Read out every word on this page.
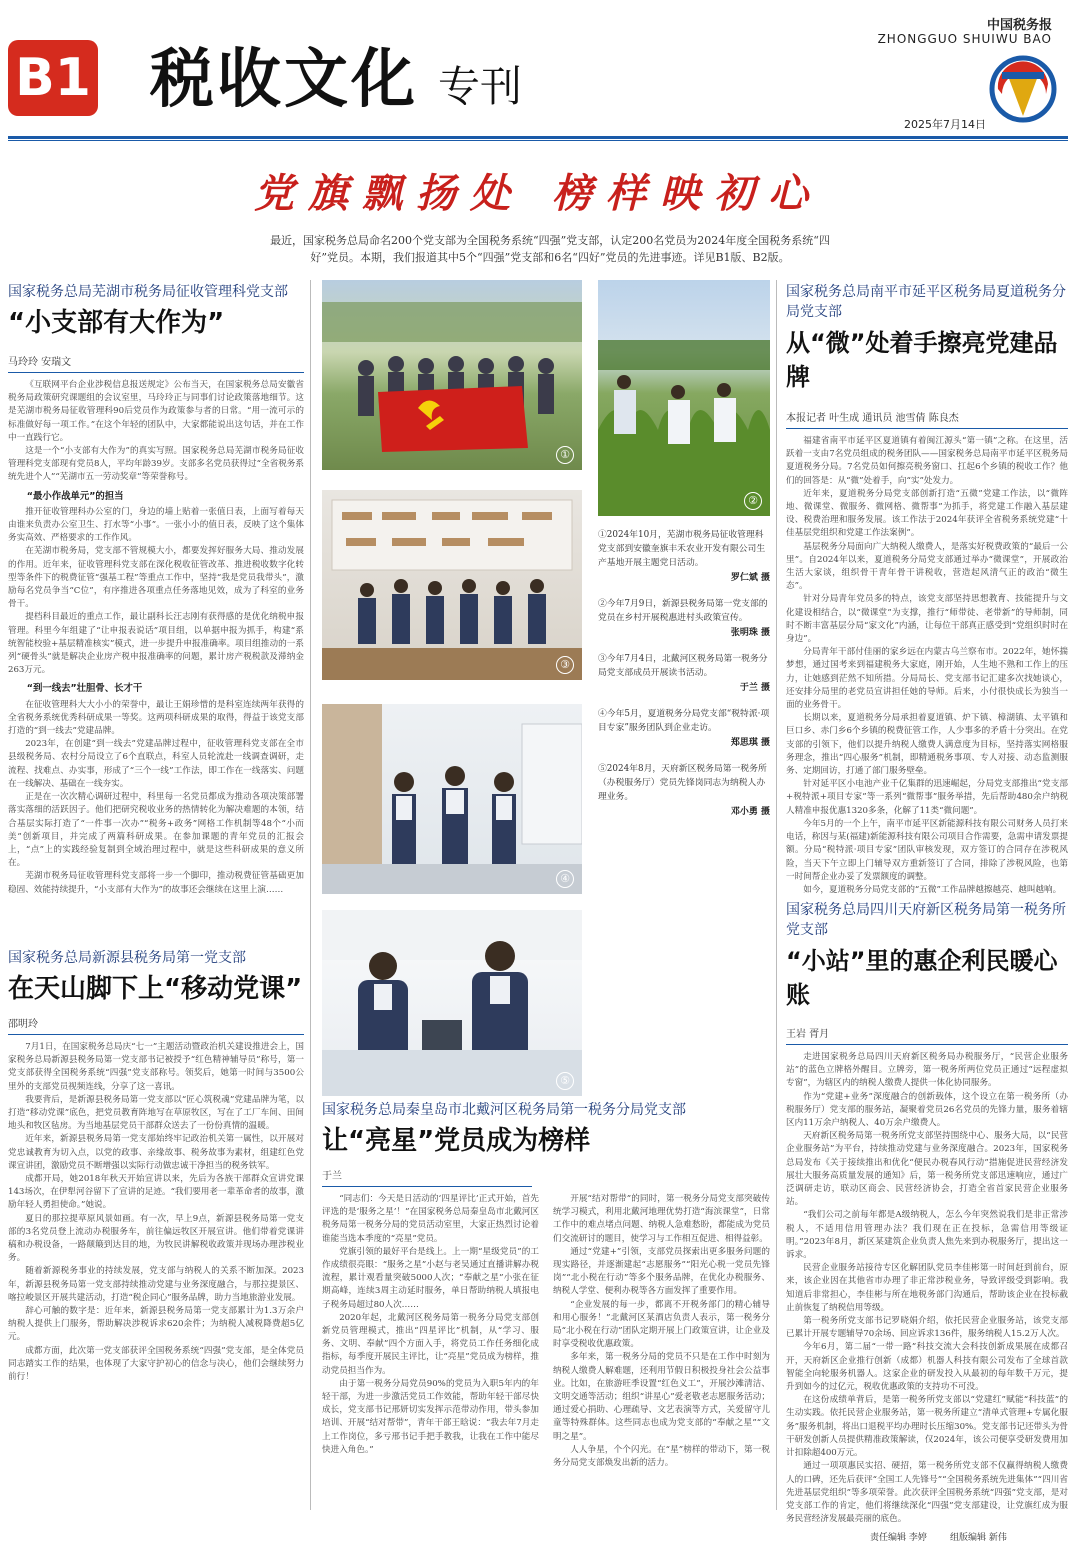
B1 税收文化 专刊
中国税务报
ZHONGGUO SHUIWU BAO
2025年7月14日
党旗飘扬处 榜样映初心
最近，国家税务总局命名200个党支部为全国税务系统“四强”党支部，认定200名党员为2024年度全国税务系统“四好”党员。本期，我们报道其中5个“四强”党支部和6名“四好”党员的先进事迹。详见B1版、B2版。
国家税务总局芜湖市税务局征收管理科党支部
“小支部有大作为”
马玲玲 安瑞文

《互联网平台企业涉税信息报送规定》公布当天，在国家税务总局安徽省税务局政策研究课题组的会议室里，马玲玲正与同事们讨论政策落地细节。这是芜湖市税务局征收管理科90后党员作为政策参与者的日常。“用一流可示的标准做好每一项工作。”在这个年轻的团队中，大家都能说出这句话，并在工作中一直践行它。

这是一个“小支部有大作为”的真实写照。国家税务总局芜湖市税务局征收管理科党支部现有党员8人，平均年龄39岁。支部多名党员获得过“全省税务系统先进个人”“芜湖市五一劳动奖章”等荣誉称号。

“最小作战单元”的担当

推开征收管理科办公室的门，身边的墙上贴着一张值日表，上面写着每天由谁来负责办公室卫生、打水等“小事”。一张小小的值日表，反映了这个集体务实高效、严格要求的工作作风。

在芜湖市税务局，党支部不管规模大小，都要发挥好服务大局、推动发展的作用。近年来，征收管理科党支部在深化税收征管改革、推进税收数字化转型等条件下的税费征管“强基工程”等重点工作中，坚持“我是党员我带头”，激励每名党员争当“C位”，有序推进各项重点任务落地见效，成为了科室的业务骨干。

提档科目最近的重点工作，最让副科长汪志刚有获得感的是优化纳税申报管理。科里今年组建了“让申报表说话”项目组，以单据申报为抓手，构建“系统智能校验+基层精准核实”模式，进一步提升申报准确率。项目组推动的一系列“硬骨头”就是解决企业房产税申报准确率的问题，累计房产税税款及滞纳金263万元。

“到一线去”壮胆骨、长才干

在征收管理科大大小小的荣誉中，最让王娟珍惜的是科室连续两年获得的全省税务系统优秀科研成果一等奖。这两项科研成果的取得，得益于该党支部打造的“到一线去”党建品牌。

2023年，在创建“到一线去”党建品牌过程中，征收管理科党支部在全市县级税务局、农村分局设立了6个直联点，科室人员轮流赴一线调查调研，走流程、找难点、办实事，形成了“三个一线”工作法，即工作在一线落实、问题在一线解决、基础在一线夯实。

正是在一次次精心调研过程中，科里每一名党员都成为推动各项决策部署落实落细的活跃因子。他们把研究税收业务的热情转化为解决难题的本领，结合基层实际打造了“一件事一次办”“税务+政务”网格工作机制等48个“小而美”创新项目，并完成了两篇科研成果。在参加课题的青年党员的汇报会上，“点”上的实践经验复制到全域治理过程中，就是这些科研成果的意义所在。

芜湖市税务局征收管理科党支部将一步一个脚印，推动税费征管基础更加稳固、效能持续提升，“小支部有大作为”的故事还会继续在这里上演……

国家税务总局新源县税务局第一党支部
在天山脚下上“移动党课”
邵明玲

7月1日，在国家税务总局庆“七一”主题活动暨政治机关建设推进会上，国家税务总局新源县税务局第一党支部书记被授予“红色精神辅导员”称号，第一党支部获得全国税务系统“四强”党支部称号。领奖后，她第一时间与3500公里外的支部党员视频连线，分享了这一喜讯。

我要背后，是新源县税务局第一党支部以“匠心筑税魂”党建品牌为笔，以打造“移动党课”底色，把党员教育阵地写在草原牧区，写在了工厂车间、田间地头和牧区毡房。为当地基层党员干部群众送去了一份份真情的温暖。

近年来，新源县税务局第一党支部始终牢记政治机关第一属性，以开展对党忠诚教育为切入点，以党的政事、亲缘故事、税务故事为素材，组建红色党课宣讲团，激励党员不断增强以实际行动做忠诚干净担当的税务铁军。

成都开局，她2018年秋天开始宣讲以来，先后为各族干部群众宣讲党课143场次，在伊犁河谷留下了宣讲的足迹。“我们要用老一辈革命者的故事，激励年轻人勇担使命。”她说。

夏日的那拉提草原风景如画。有一次，早上9点，新源县税务局第一党支部的3名党员登上流动办税服务车，前往偏远牧区开展宣讲。他们带着党课讲稿和办税设备，一路颠簸到达目的地，为牧民讲解税收政策并现场办理涉税业务。

随着新源税务事业的持续发展，党支部与纳税人的关系不断加深。2023年，新源县税务局第一党支部持续推动党建与业务深度融合，与那拉提景区、喀拉峻景区开展共建活动，打造“税企同心”服务品牌，助力当地旅游业发展。

辞心可触的数字是：近年来，新源县税务局第一党支部累计为1.3万余户纳税人提供上门服务，帮助解决涉税诉求620余件；为纳税人减税降费超5亿元。

成都方面，此次第一党支部获评全国税务系统“四强”党支部，是全体党员同志踏实工作的结果，也体现了大家守护初心的信念与决心，他们会继续努力前行！

①
②
③
④
⑤
①2024年10月，芜湖市税务局征收管理科党支部到安徽奎旗丰禾农业开发有限公司生产基地开展主题党日活动。
罗仁斌 摄
②今年7月9日，新源县税务局第一党支部的党员在乡村开展税惠进村头政策宣传。
张明珠 摄
③今年7月4日，北戴河区税务局第一税务分局党支部成员开展读书活动。
于兰 摄
④今年5月，夏道税务分局党支部“税特派·项目专家”服务团队到企业走访。
郑思琪 摄
⑤2024年8月，天府新区税务局第一税务所（办税服务厅）党员先锋岗同志为纳税人办理业务。
邓小勇 摄
国家税务总局秦皇岛市北戴河区税务局第一税务分局党支部
让“亮星”党员成为榜样
于兰

“同志们：今天是日活动的‘四星评比’正式开始，首先评选的是‘服务之星’！”在国家税务总局秦皇岛市北戴河区税务局第一税务分局的党员活动室里，大家正热烈讨论着谁能当选本季度的“亮星”党员。

党旗引领的最好平台是线上。上一期“星级党员”的工作成绩很亮眼：“服务之星”小赵与老吴通过直播讲解办税流程，累计观看量突破5000人次；“奉献之星”小张在征期高峰，连续3周主动延时服务，单日帮助纳税人填报电子税务局超过80人次……

2020年起，北戴河区税务局第一税务分局党支部创新党员管理模式，推出“四星评比”机制，从“学习、服务、文明、奉献”四个方面入手，将党员工作任务细化成指标，每季度开展民主评比，让“亮星”党员成为榜样，推动党员担当作为。

由于第一税务分局党员90%的党员为入职5年内的年轻干部，为进一步激活党员工作效能，帮助年轻干部尽快成长，党支部书记邢妍切实发挥示范带动作用，带头参加培训、开展“结对帮带”，青年干部王晗说：“我去年7月走上工作岗位，多亏邢书记手把手教我，让我在工作中能尽快进入角色。”

开展“结对帮带”的同时，第一税务分局党支部突破传统学习模式，利用北戴河地理优势打造“海滨课堂”，日常工作中的难点堵点问题、纳税人急难愁盼，都能成为党员们交流研讨的题目，使学习与工作相互促进、相得益彰。

通过“党建+”引领，支部党员探索出更多服务问题的现实路径，并逐渐建起“志愿服务”“阳光心税一党员先锋岗”“北小税在行动”等多个服务品牌，在优化办税服务、纳税人学堂、便利办税等各方面发挥了重要作用。

“企业发展的每一步，都离不开税务部门的精心辅导和用心服务！”北戴河区某酒店负责人表示，第一税务分局“北小税在行动”团队定期开展上门政策宣讲，让企业及时享受税收优惠政策。

多年来，第一税务分局的党员不只是在工作中时刻为纳税人缴费人解难题，还利用节假日积极投身社会公益事业。比如，在旅游旺季设置“红色义工”，开展沙滩清洁、文明交通等活动；组织“讲星心”爱老敬老志愿服务活动；通过爱心捐助、心理疏导、文艺表演等方式，关爱留守儿童等特殊群体。这些同志也成为党支部的“奉献之星”“文明之星”。

人人争星，个个闪光。在“星”榜样的带动下，第一税务分局党支部焕发出新的活力。

国家税务总局南平市延平区税务局夏道税务分局党支部
从“微”处着手擦亮党建品牌
本报记者 叶生成 通讯员 池雪倩 陈良杰

福建省南平市延平区夏道镇有着闽江源头“第一镇”之称。在这里，活跃着一支由7名党员组成的税务团队——国家税务总局南平市延平区税务局夏道税务分局。7名党员如何擦亮税务窗口、扛起6个乡镇的税收工作？他们的回答是：从“微”处着手，向“实”处发力。

近年来，夏道税务分局党支部创新打造“五微”党建工作法，以“微阵地、微课堂、微服务、微网格、微帮事”为抓手，将党建工作融入基层建设、税费治理和服务发展。该工作法于2024年获评全省税务系统党建“十佳基层党组织和党建工作法案例”。

基层税务分局面向广大纳税人缴费人，是落实好税费政策的“最后一公里”。自2024年以来，夏道税务分局党支部通过举办“微课堂”，开展政治生活大家谈，组织骨干青年骨干讲税收，营造起风清气正的政治“微生态”。

针对分局青年党员多的特点，该党支部坚持思想教育、技能提升与文化建设相结合，以“微课堂”为支撑，推行“师带徒、老带新”的导师制，同时不断丰富基层分局“家文化”内涵，让每位干部真正感受到“党组织时时在身边”。

分局青年干部付佳丽的家乡远在内蒙古乌兰察布市。2022年，她怀揣梦想，通过国考来到福建税务大家庭，刚开始，人生地不熟和工作上的压力，让她感到茫然不知所措。分局局长、党支部书记汇建多次找她谈心，还安排分局里的老党员宣讲担任她的导师。后来，小付很快成长为独当一面的业务骨干。

长期以来，夏道税务分局承担着夏道镇、炉下镇、樟湖镇、太平镇和巨口乡、赤门乡6个乡镇的税费征管工作，人少事多的矛盾十分突出。在党支部的引领下，他们以提升纳税人缴费人满意度为目标，坚持落实网格服务理念，推出“四心服务”机制，即精通税务事项、专人对接、动态监测服务、定期回访，打通了部门服务壁垒。

针对延平区小电池产业千亿集群的迅速崛起，分局党支部推出“党支部+税特派+项目专家”等一系列“微帮事”服务举措，先后帮助480余户纳税人精准申报优惠1320多条，化解了11类“微问题”。

今年5月的一个上午，南平市延平区新能源科技有限公司财务人员打来电话，称因与某(福建)新能源科技有限公司项目合作需要，急需申请发票提额。分局“税特派·项目专家”团队审核发现，双方签订的合同存在涉税风险，当天下午立即上门辅导双方重新签订了合同，排除了涉税风险，也第一时间帮企业办妥了发票额度的调整。

如今，夏道税务分局党支部的“五微”工作品牌越擦越亮、越叫越响。

国家税务总局四川天府新区税务局第一税务所党支部
“小站”里的惠企利民暖心账
王岩 胥月

走进国家税务总局四川天府新区税务局办税服务厅，“民营企业服务站”的蓝色立牌格外醒目。立牌旁，第一税务所两位党员正通过“远程虚拟专窗”，为辖区内的纳税人缴费人提供一体化协同服务。

作为“党建+业务”深度融合的创新载体，这个设立在第一税务所（办税服务厅）党支部的服务站，凝聚着党员26名党员的先锋力量，服务着辖区内11万余户纳税人、40万余户缴费人。

天府新区税务局第一税务所党支部坚持围绕中心、服务大局，以“民营企业服务站”为平台，持续推动党建与业务深度融合。2023年，国家税务总局发布《关于接续推出和优化“便民办税春风行动”措施促进民营经济发展壮大服务高质量发展的通知》后，第一税务所党支部迅速响应，通过广泛调研走访，联动区商会、民营经济协会，打造全省首家民营企业服务站。

“我们公司之前每年都是A级纳税人，怎么今年突然说我们是非正常涉税人，不适用信用管理办法？我们现在正在投标，急需信用等级证明。”2023年8月，新区某建筑企业负责人焦先来到办税服务厅，提出这一诉求。

民营企业服务站接待专区化解团队党员李佳彬第一时间赶到前台，原来，该企业因在其他省市办理了非正常涉税业务，导致评级受到影响。我知道后非常担心，李佳彬与所在地税务部门沟通后，帮助该企业在投标截止前恢复了纳税信用等级。

第一税务所党支部书记罗晓娟介绍，依托民营企业服务站，该党支部已累计开展专题辅导70余场、回应诉求136件，服务纳税人15.2万人次。

今年6月，第二届“一带一路”科技交流大会科技创新成果展在成都召开，天府新区企业推行创新（成都）机器人科技有限公司发布了全球首款智能全向轮服务机器人。这家企业的研发投入从最初的每年数千万元，提升到如今的过亿元，税收优惠政策的支持功不可没。

在这份成绩单背后，是第一税务所党支部以“党建红”赋能“科技蓝”的生动实践。依托民营企业服务站，第一税务所建立“清单式管理+专属化服务”服务机制，将出口退税平均办理时长压缩30%。党支部书记还带头为骨干研发创新人员提供精准政策解读，仅2024年，该公司便享受研发费用加计扣除超400万元。

通过一项项惠民实招、硬招，第一税务所党支部不仅赢得纳税人缴费人的口碑，还先后获评“全国工人先锋号”“全国税务系统先进集体”“四川省先进基层党组织”等多项荣誉。此次获评全国税务系统“四强”党支部，是对党支部工作的肯定，他们将继续深化“四强”党支部建设，让党旗红成为服务民营经济发展最亮丽的底色。

责任编辑 李婷	组版编辑 新伟
